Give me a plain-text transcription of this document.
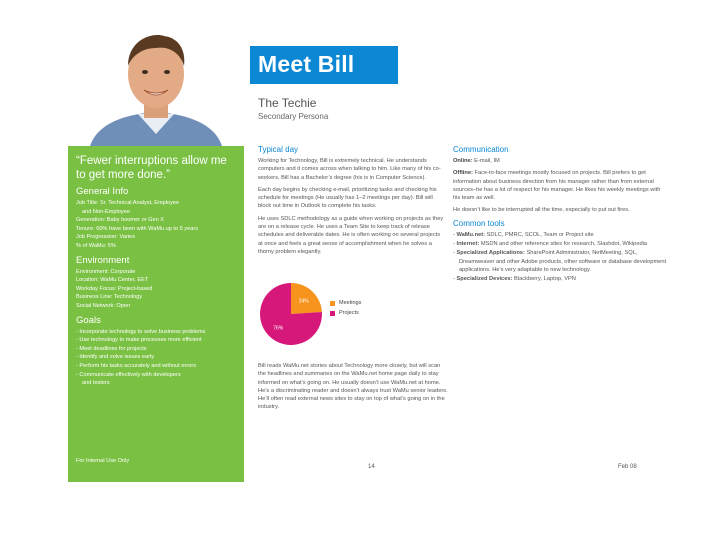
“Fewer interruptions allow me to get more done.”
General Info
Job Title: Sr. Technical Analyst, Employee
and Non-Employee
Generation: Baby boomer or Gen X
Tenure: 60% have been with WaMu up to 5 years
Job Progression: Varies
% of WaMu: 5%
Environment
Environment: Corporate
Location: WaMu Center, EET
Workday Focus: Project-based
Business Line: Technology
Social Network: Open
Goals
- Incorporate technology to solve business problems
- Use technology to make processes more efficient
- Meet deadlines for projects
- Identify and solve issues early
- Perform his tasks accurately and without errors
- Communicate effectively with developers
and testers
For Internal Use Only
Meet Bill
The Techie
Secondary Persona
Typical day
Working for Technology, Bill is extremely technical. He understands computers and it comes across when talking to him. Like many of his co-workers, Bill has a Bachelor’s degree (his is in Computer Science).
Each day begins by checking e-mail, prioritizing tasks and checking his schedule for meetings (He usually has 1–2 meetings per day). Bill will block out time in Outlook to complete his tasks.
He uses SDLC methodology as a guide when working on projects as they are on a release cycle. He uses a Team Site to keep track of release schedules and deliverable dates. He is often working on several projects at once and feels a great sense of accomplishment when he solves a thorny problem elegantly.
24%
76%
Meetings
Projects
Bill reads WaMu.net stories about Technology more closely, but will scan the headlines and summaries on the WaMu.net home page daily to stay informed on what’s going on. He usually doesn’t use WaMu.net at home. He’s a discriminating reader and doesn’t always trust WaMu senior leaders. He’ll often read external news sites to stay on top of what’s going on in the industry.
Communication
Online: E-mail, IM
Offline: Face-to-face meetings mostly focused on projects. Bill prefers to get information about business direction from his manager rather than from external sources–he has a lot of respect for his manager. He likes his weekly meetings with his team as well.
He doesn’t like to be interrupted all the time, especially to put out fires.
Common tools
- WaMu.net: SDLC, PMRC, SCOL, Team or Project site
- Internet: MSDN and other reference sites for research, Slashdot, Wikipedia
- Specialized Applications: SharePoint Administrator, NetMeeting, SQL, Dreamweaver and other Adobe products, other software or database development applications. He’s very adaptable to new technology.
- Specialized Devices: Blackberry, Laptop, VPN
14	Feb 08
